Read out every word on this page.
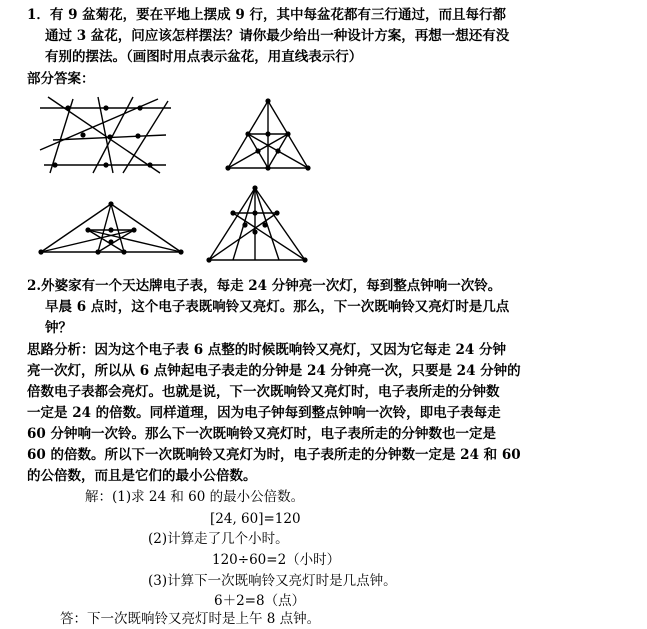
1．有 9 盆菊花，要在平地上摆成 9 行，其中每盆花都有三行通过，而且每行都

通过 3 盆花，问应该怎样摆法？请你最少给出一种设计方案，再想一想还有没

有别的摆法。（画图时用点表示盆花，用直线表示行）

部分答案：

2.外婆家有一个天达牌电子表，每走 24 分钟亮一次灯，每到整点钟响一次铃。

早晨 6 点时，这个电子表既响铃又亮灯。那么，下一次既响铃又亮灯时是几点

钟？

思路分析：因为这个电子表 6 点整的时候既响铃又亮灯，又因为它每走 24 分钟

亮一次灯，所以从 6 点钟起电子表走的分钟是 24 分钟亮一次，只要是 24 分钟的

倍数电子表都会亮灯。也就是说，下一次既响铃又亮灯时，电子表所走的分钟数

一定是 24 的倍数。同样道理，因为电子钟每到整点钟响一次铃，即电子表每走

60 分钟响一次铃。那么下一次既响铃又亮灯时，电子表所走的分钟数也一定是

60 的倍数。所以下一次既响铃又亮灯为时，电子表所走的分钟数一定是 24 和 60

的公倍数，而且是它们的最小公倍数。

解：(1)求 24 和 60 的最小公倍数。

[24, 60]=120

(2)计算走了几个小时。

120÷60=2（小时）

(3)计算下一次既响铃又亮灯时是几点钟。

6＋2=8（点）

答：下一次既响铃又亮灯时是上午 8 点钟。
